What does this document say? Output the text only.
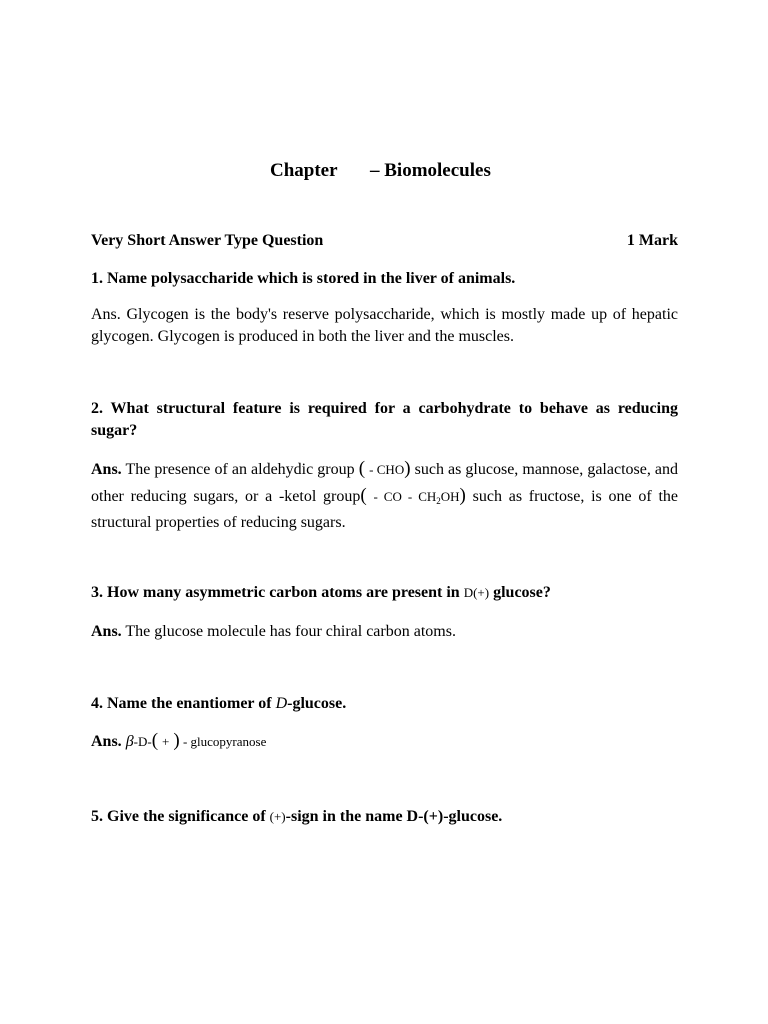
Chapter – Biomolecules
Very Short Answer Type Question	1 Mark
1. Name polysaccharide which is stored in the liver of animals.
Ans. Glycogen is the body's reserve polysaccharide, which is mostly made up of hepatic glycogen. Glycogen is produced in both the liver and the muscles.
2. What structural feature is required for a carbohydrate to behave as reducing sugar?
Ans. The presence of an aldehydic group ( - CHO) such as glucose, mannose, galactose, and other reducing sugars, or a -ketol group( - CO - $CH_2OH$) such as fructose, is one of the structural properties of reducing sugars.
3. How many asymmetric carbon atoms are present in D(+) glucose?
Ans. The glucose molecule has four chiral carbon atoms.
4. Name the enantiomer of D-glucose.
Ans. β-D-( + ) - glucopyranose
5. Give the significance of (+)-sign in the name D-(+)-glucose.
